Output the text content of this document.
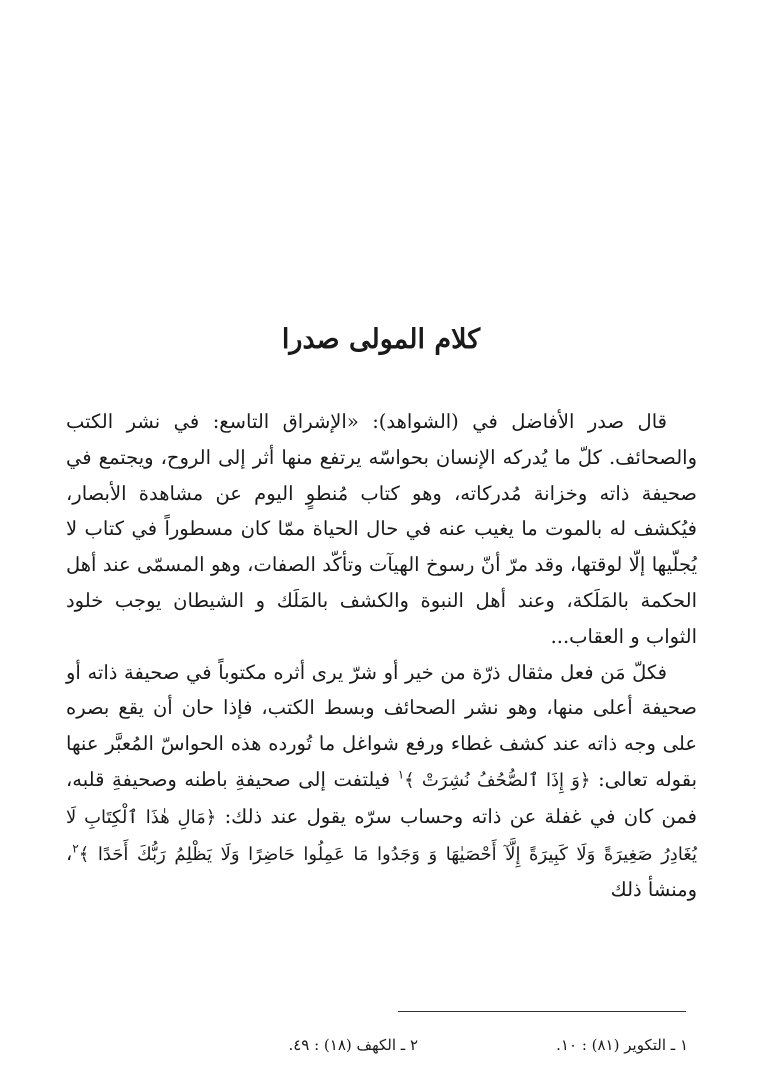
كلام المولى صدرا

قال صدر الأفاضل في (الشواهد): «الإشراق التاسع: في نشر الكتب والصحائف. كلّ ما يُدركه الإنسان بحواسّه يرتفع منها أثر إلى الروح، ويجتمع في صحيفة ذاته وخزانة مُدركاته، وهو كتاب مُنطوٍ اليوم عن مشاهدة الأبصار، فيُكشف له بالموت ما يغيب عنه في حال الحياة ممّا كان مسطوراً في كتاب لا يُجلّيها إلّا لوقتها، وقد مرّ أنّ رسوخ الهيآت وتأكّد الصفات، وهو المسمّى عند أهل الحكمة بالمَلَكة، وعند أهل النبوة والكشف بالمَلَك و الشيطان يوجب خلود الثواب و العقاب...

فكلّ مَن فعل مثقال ذرّة من خير أو شرّ يرى أثره مكتوباً في صحيفة ذاته أو صحيفة أعلى منها، وهو نشر الصحائف وبسط الكتب، فإذا حان أن يقع بصره على وجه ذاته عند كشف غطاء ورفع شواغل ما تُورده هذه الحواسّ المُعبَّر عنها بقوله تعالى: ﴿وَ إِذَا ٱلصُّحُفُ نُشِرَتْ ﴾$^١$ فيلتفت إلى صحيفةِ باطنه وصحيفةِ قلبه، فمن كان في غفلة عن ذاته وحساب سرّه يقول عند ذلك: ﴿مَالِ هٰذَا ٱلْكِتَابِ لَا يُغَادِرُ صَغِيرَةً وَلَا كَبِيرَةً إِلَّآ أَحْصَيٰهَا وَ وَجَدُوا مَا عَمِلُوا حَاضِرًا وَلَا يَظْلِمُ رَبُّكَ أَحَدًا ﴾$^٢$، ومنشأ ذلك

١ ـ التكوير (٨١) : ١٠.
٢ ـ الكهف (١٨) : ٤٩.
